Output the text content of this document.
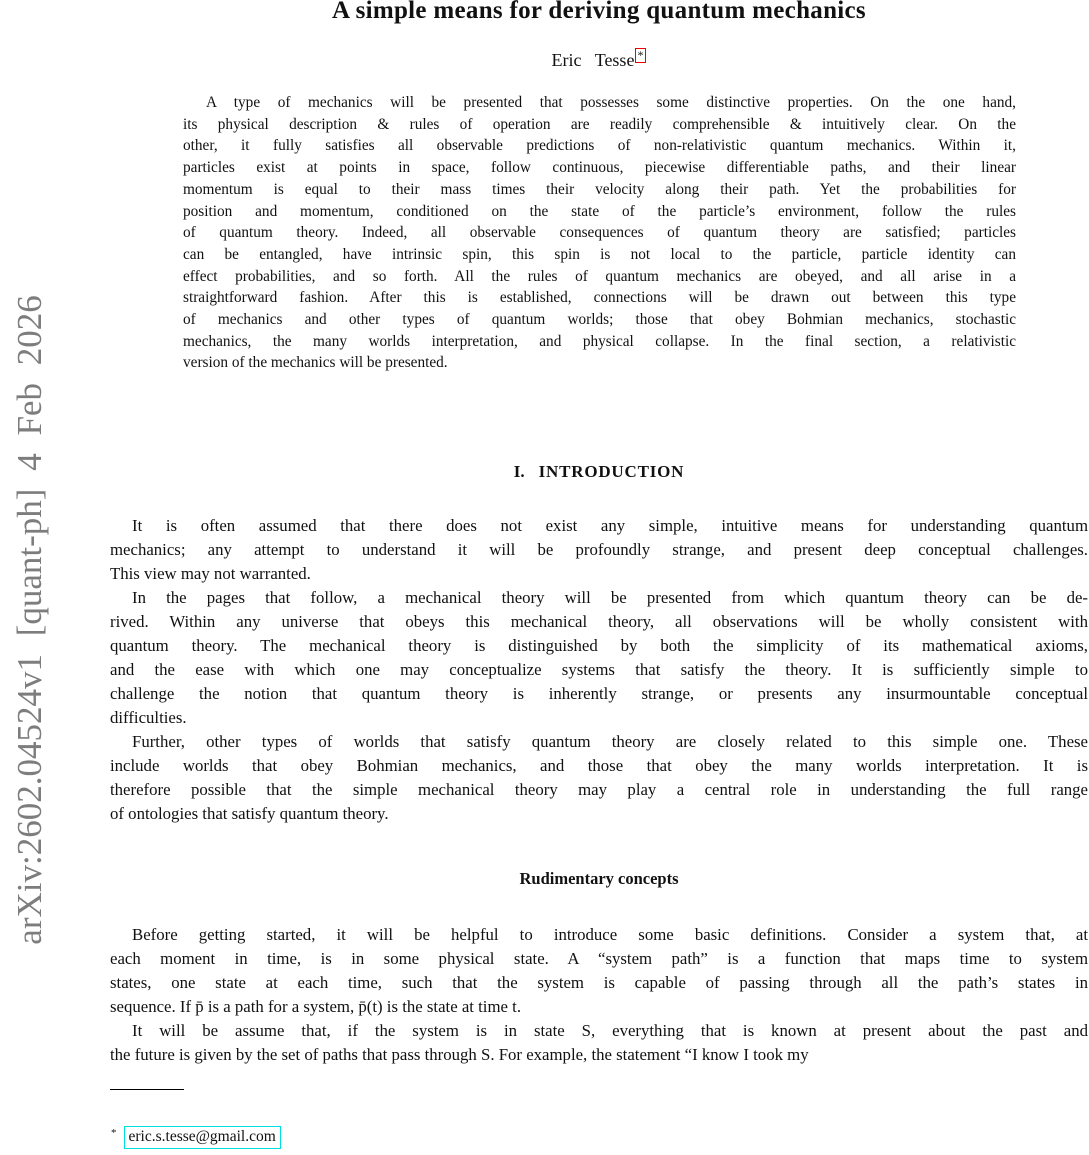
arXiv:2602.04524v1 [quant-ph] 4 Feb 2026
A simple means for deriving quantum mechanics
Eric Tesse *
A type of mechanics will be presented that possesses some distinctive properties. On the one hand,
its physical description & rules of operation are readily comprehensible & intuitively clear. On the
other, it fully satisfies all observable predictions of non-relativistic quantum mechanics. Within it,
particles exist at points in space, follow continuous, piecewise differentiable paths, and their linear
momentum is equal to their mass times their velocity along their path. Yet the probabilities for
position and momentum, conditioned on the state of the particle’s environment, follow the rules
of quantum theory. Indeed, all observable consequences of quantum theory are satisfied; particles
can be entangled, have intrinsic spin, this spin is not local to the particle, particle identity can
effect probabilities, and so forth. All the rules of quantum mechanics are obeyed, and all arise in a
straightforward fashion. After this is established, connections will be drawn out between this type
of mechanics and other types of quantum worlds; those that obey Bohmian mechanics, stochastic
mechanics, the many worlds interpretation, and physical collapse. In the final section, a relativistic
version of the mechanics will be presented.
I. INTRODUCTION
It is often assumed that there does not exist any simple, intuitive means for understanding quantum
mechanics; any attempt to understand it will be profoundly strange, and present deep conceptual challenges.
This view may not warranted.
In the pages that follow, a mechanical theory will be presented from which quantum theory can be de-
rived. Within any universe that obeys this mechanical theory, all observations will be wholly consistent with
quantum theory. The mechanical theory is distinguished by both the simplicity of its mathematical axioms,
and the ease with which one may conceptualize systems that satisfy the theory. It is sufficiently simple to
challenge the notion that quantum theory is inherently strange, or presents any insurmountable conceptual
difficulties.
Further, other types of worlds that satisfy quantum theory are closely related to this simple one. These
include worlds that obey Bohmian mechanics, and those that obey the many worlds interpretation. It is
therefore possible that the simple mechanical theory may play a central role in understanding the full range
of ontologies that satisfy quantum theory.
Rudimentary concepts
Before getting started, it will be helpful to introduce some basic definitions. Consider a system that, at
each moment in time, is in some physical state. A “system path” is a function that maps time to system
states, one state at each time, such that the system is capable of passing through all the path’s states in
sequence. If p̄ is a path for a system, p̄(t) is the state at time t.
It will be assume that, if the system is in state S, everything that is known at present about the past and
the future is given by the set of paths that pass through S. For example, the statement “I know I took my
* eric.s.tesse@gmail.com
